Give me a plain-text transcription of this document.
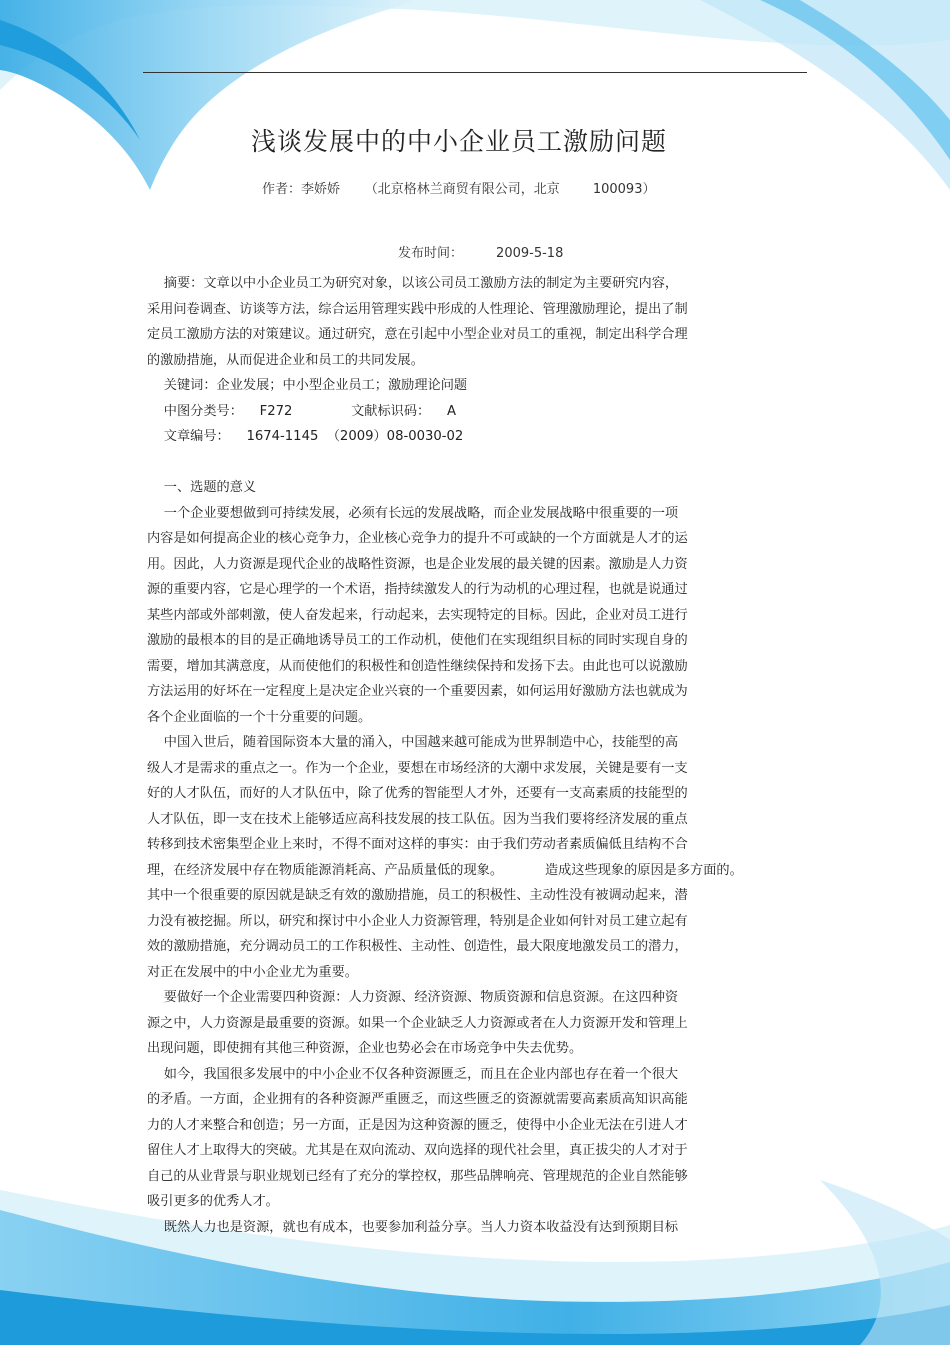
浅谈发展中的中小企业员工激励问题
作者：李娇娇      （北京格林兰商贸有限公司，北京        100093）
发布时间：        2009-5-18
摘要：文章以中小企业员工为研究对象，以该公司员工激励方法的制定为主要研究内容，
采用问卷调查、访谈等方法，综合运用管理实践中形成的人性理论、管理激励理论，提出了制
定员工激励方法的对策建议。通过研究，意在引起中小型企业对员工的重视，制定出科学合理
的激励措施，从而促进企业和员工的共同发展。
关键词：企业发展；中小型企业员工；激励理论问题
中图分类号：    F272              文献标识码：    A
文章编号：    1674-1145  （2009）08-0030-02
一、选题的意义
一个企业要想做到可持续发展，必须有长远的发展战略，而企业发展战略中很重要的一项
内容是如何提高企业的核心竞争力，企业核心竞争力的提升不可或缺的一个方面就是人才的运
用。因此，人力资源是现代企业的战略性资源，也是企业发展的最关键的因素。激励是人力资
源的重要内容，它是心理学的一个术语，指持续激发人的行为动机的心理过程，也就是说通过
某些内部或外部刺激，使人奋发起来，行动起来，去实现特定的目标。因此，企业对员工进行
激励的最根本的目的是正确地诱导员工的工作动机，使他们在实现组织目标的同时实现自身的
需要，增加其满意度，从而使他们的积极性和创造性继续保持和发扬下去。由此也可以说激励
方法运用的好坏在一定程度上是决定企业兴衰的一个重要因素，如何运用好激励方法也就成为
各个企业面临的一个十分重要的问题。
中国入世后，随着国际资本大量的涌入，中国越来越可能成为世界制造中心，技能型的高
级人才是需求的重点之一。作为一个企业，要想在市场经济的大潮中求发展，关键是要有一支
好的人才队伍，而好的人才队伍中，除了优秀的智能型人才外，还要有一支高素质的技能型的
人才队伍，即一支在技术上能够适应高科技发展的技工队伍。因为当我们要将经济发展的重点
转移到技术密集型企业上来时，不得不面对这样的事实：由于我们劳动者素质偏低且结构不合
理，在经济发展中存在物质能源消耗高、产品质量低的现象。          造成这些现象的原因是多方面的。
其中一个很重要的原因就是缺乏有效的激励措施，员工的积极性、主动性没有被调动起来，潜
力没有被挖掘。所以，研究和探讨中小企业人力资源管理，特别是企业如何针对员工建立起有
效的激励措施，充分调动员工的工作积极性、主动性、创造性，最大限度地激发员工的潜力，
对正在发展中的中小企业尤为重要。
要做好一个企业需要四种资源：人力资源、经济资源、物质资源和信息资源。在这四种资
源之中，人力资源是最重要的资源。如果一个企业缺乏人力资源或者在人力资源开发和管理上
出现问题，即使拥有其他三种资源，企业也势必会在市场竞争中失去优势。
如今，我国很多发展中的中小企业不仅各种资源匮乏，而且在企业内部也存在着一个很大
的矛盾。一方面，企业拥有的各种资源严重匮乏，而这些匮乏的资源就需要高素质高知识高能
力的人才来整合和创造；另一方面，正是因为这种资源的匮乏，使得中小企业无法在引进人才
留住人才上取得大的突破。尤其是在双向流动、双向选择的现代社会里，真正拔尖的人才对于
自己的从业背景与职业规划已经有了充分的掌控权，那些品牌响亮、管理规范的企业自然能够
吸引更多的优秀人才。
既然人力也是资源，就也有成本，也要参加利益分享。当人力资本收益没有达到预期目标
